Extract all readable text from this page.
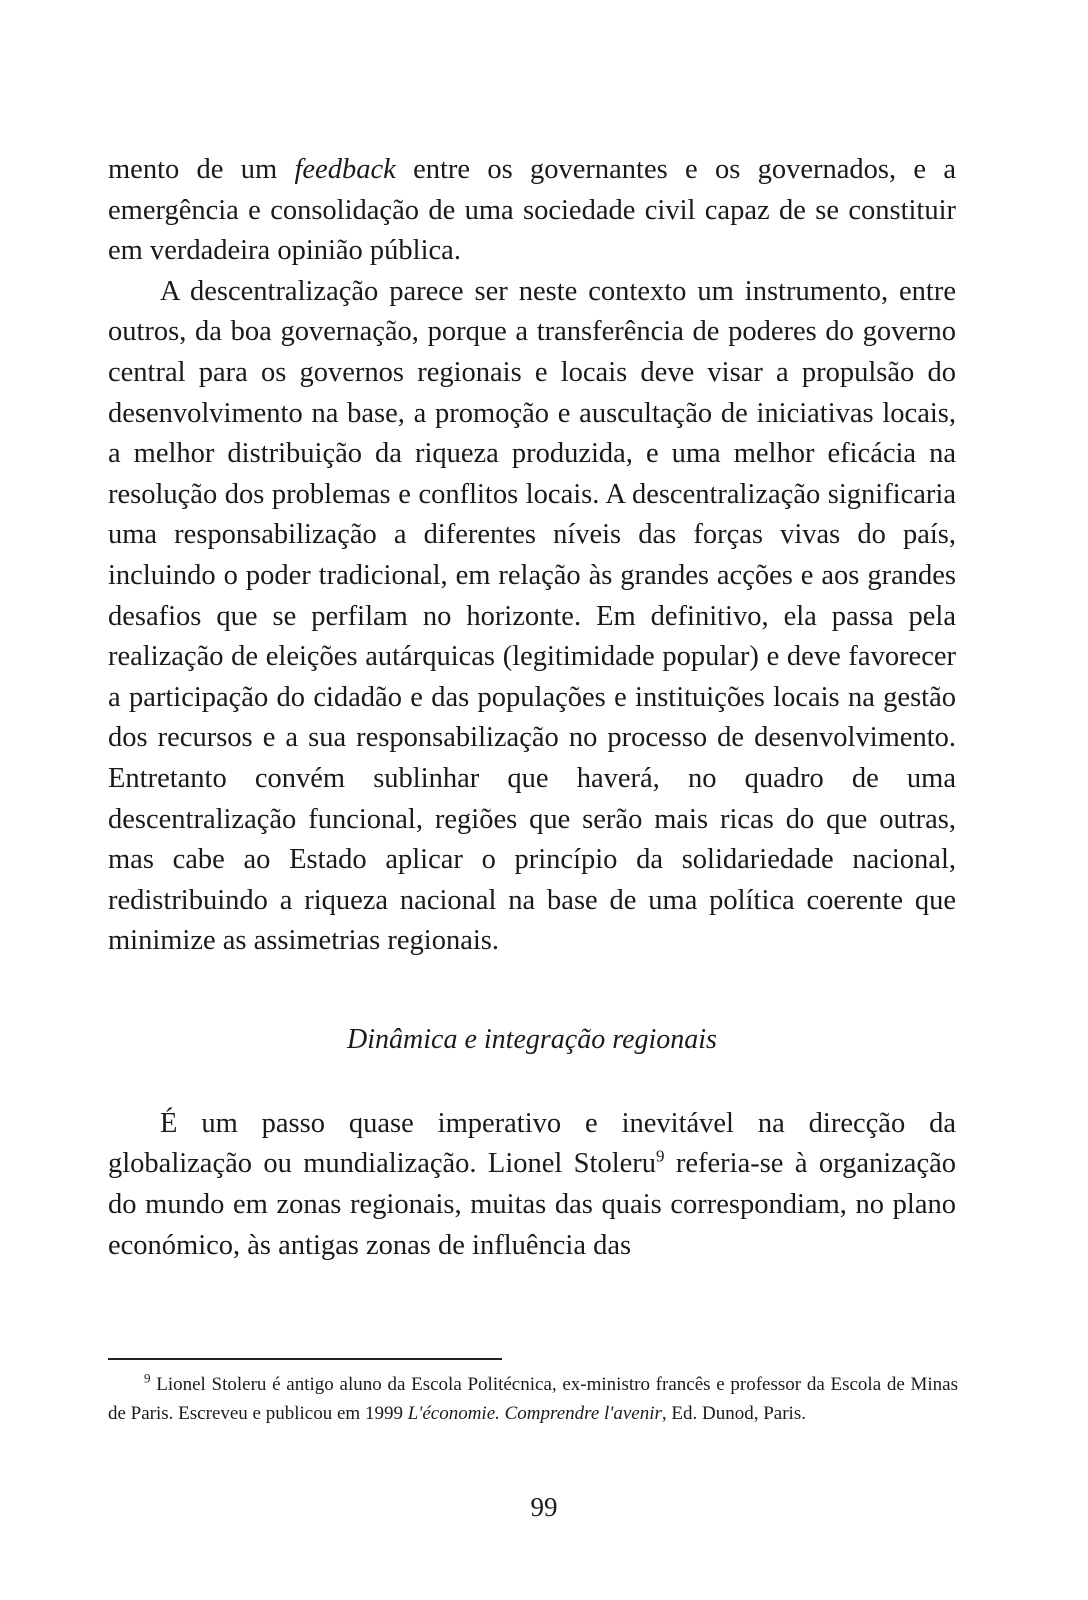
mento de um feedback entre os governantes e os governados, e a emergência e consolidação de uma sociedade civil capaz de se constituir em verdadeira opinião pública.

A descentralização parece ser neste contexto um instrumento, entre outros, da boa governação, porque a transferência de poderes do governo central para os governos regionais e locais deve visar a propulsão do desenvolvimento na base, a promoção e auscultação de iniciativas locais, a melhor distribuição da riqueza produzida, e uma melhor eficácia na resolução dos problemas e conflitos locais. A descentralização significaria uma responsabilização a diferentes níveis das forças vivas do país, incluindo o poder tradicional, em relação às grandes acções e aos grandes desafios que se perfilam no horizonte. Em definitivo, ela passa pela realização de eleições autárquicas (legitimidade popular) e deve favorecer a participação do cidadão e das populações e instituições locais na gestão dos recursos e a sua responsabilização no processo de desenvolvimento. Entretanto convém sublinhar que haverá, no quadro de uma descentralização funcional, regiões que serão mais ricas do que outras, mas cabe ao Estado aplicar o princípio da solidariedade nacional, redistribuindo a riqueza nacional na base de uma política coerente que minimize as assimetrias regionais.

Dinâmica e integração regionais

É um passo quase imperativo e inevitável na direcção da globalização ou mundialização. Lionel Stoleru$^9$ referia-se à organização do mundo em zonas regionais, muitas das quais correspondiam, no plano económico, às antigas zonas de influência das

$^9$ Lionel Stoleru é antigo aluno da Escola Politécnica, ex-ministro francês e professor da Escola de Minas de Paris. Escreveu e publicou em 1999 L'économie. Comprendre l'avenir, Ed. Dunod, Paris.

99
